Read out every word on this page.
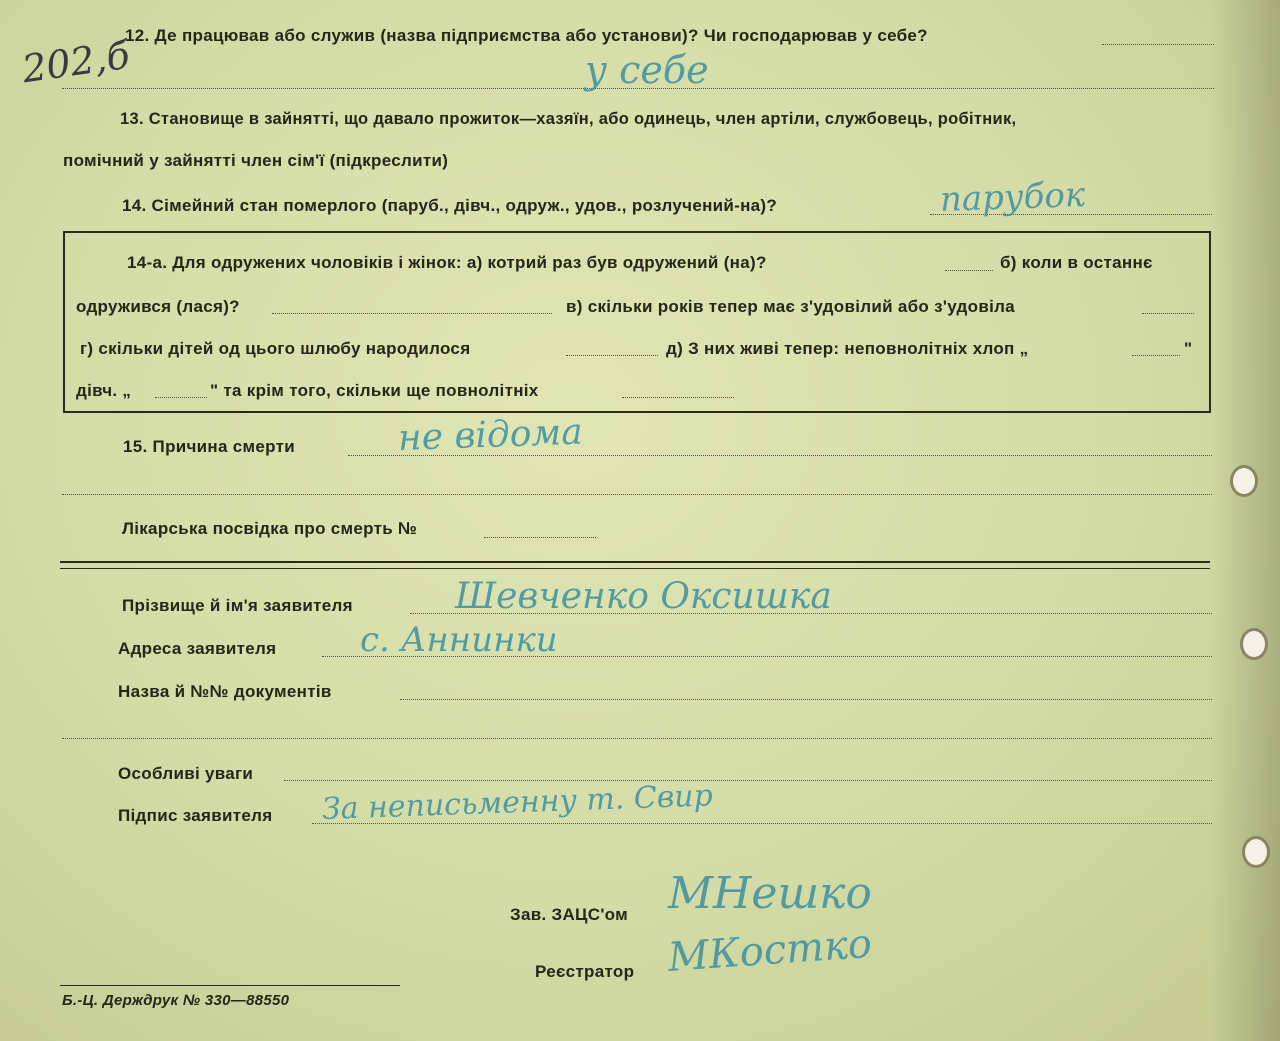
202,б
12. Де працював або служив (назва підприємства або установи)? Чи господарював у себе?
у себе
13. Становище в зайнятті, що давало прожиток—хазяїн, або одинець, член артіли, службовець, робітник,
помічний у зайнятті член сім'ї (підкреслити)
14. Сімейний стан померлого (паруб., дівч., одруж., удов., розлучений-на)?	парубок
14-а. Для одружених чоловіків і жінок: а) котрий раз був одружений (на)?	б) коли в останнє
одружився (лася)?	в) скільки років тепер має з'удовілий або з'удовіла
г) скільки дітей од цього шлюбу народилося	д) З них живі тепер: неповнолітніх хлоп „	"
дівч. „	" та крім того, скільки ще повнолітніх
15. Причина смерти	не відома
Лікарська посвідка про смерть №
Прізвище й ім'я заявителя	Шевченко Оксишка
Адреса заявителя с. Аннинки
Назва й №№ документів
Особливі уваги
Підпис заявителя За неписьменну т. Свир
Зав. ЗАЦС'ом МНешко
Реєстратор МКостко
Б.-Ц. Держдрук № 330—88550
